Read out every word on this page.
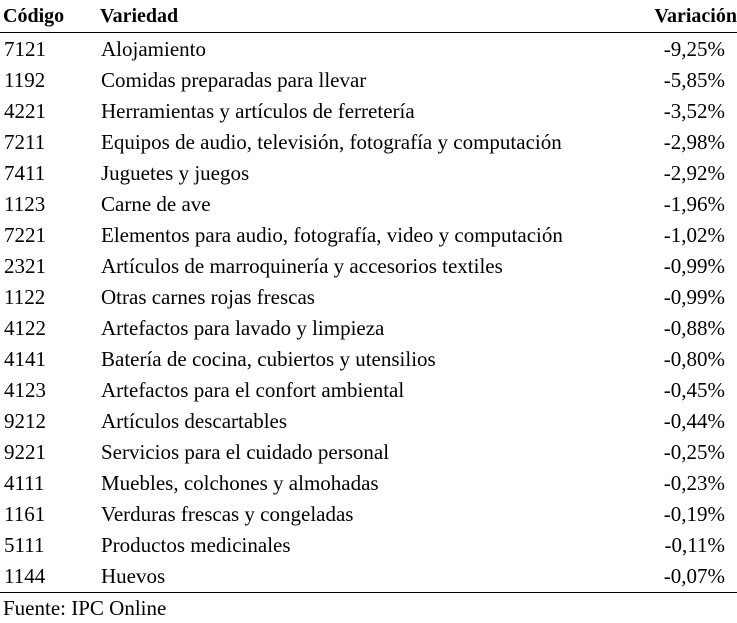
Código Variedad	Variación
7121	Alojamiento	-9,25%
1192	Comidas preparadas para llevar	-5,85%
4221	Herramientas y artículos de ferretería	-3,52%
7211	Equipos de audio, televisión, fotografía y computación	-2,98%
7411	Juguetes y juegos	-2,92%
1123	Carne de ave	-1,96%
7221	Elementos para audio, fotografía, video y computación	-1,02%
2321	Artículos de marroquinería y accesorios textiles	-0,99%
1122	Otras carnes rojas frescas	-0,99%
4122	Artefactos para lavado y limpieza	-0,88%
4141	Batería de cocina, cubiertos y utensilios	-0,80%
4123	Artefactos para el confort ambiental	-0,45%
9212	Artículos descartables	-0,44%
9221	Servicios para el cuidado personal	-0,25%
4111	Muebles, colchones y almohadas	-0,23%
1161	Verduras frescas y congeladas	-0,19%
5111	Productos medicinales	-0,11%
1144	Huevos	-0,07%
Fuente: IPC Online
